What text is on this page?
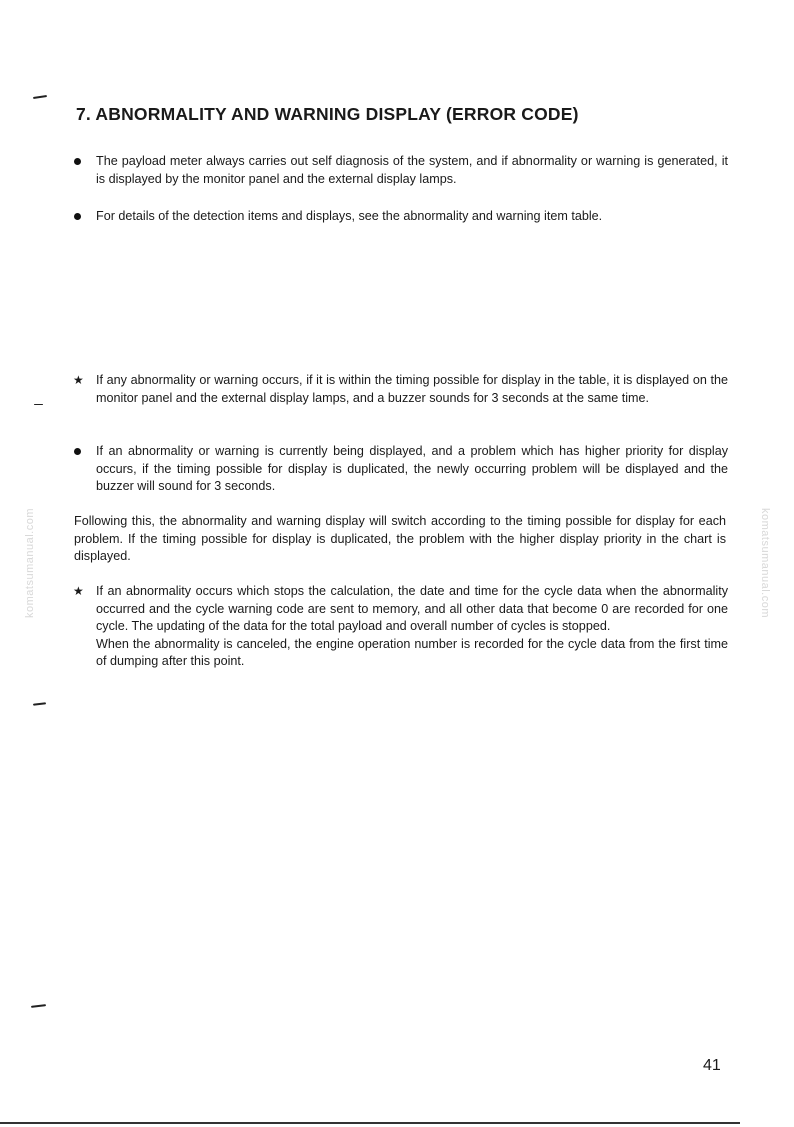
7. ABNORMALITY AND WARNING DISPLAY (ERROR CODE)
The payload meter always carries out self diagnosis of the system, and if abnormality or warning is generated, it is displayed by the monitor panel and the external display lamps.
For details of the detection items and displays, see the abnormality and warning item table.
★ If any abnormality or warning occurs, if it is within the timing possible for display in the table, it is displayed on the monitor panel and the external display lamps, and a buzzer sounds for 3 seconds at the same time.
If an abnormality or warning is currently being displayed, and a problem which has higher priority for display occurs, if the timing possible for display is duplicated, the newly occurring problem will be displayed and the buzzer will sound for 3 seconds.

Following this, the abnormality and warning display will switch according to the timing possible for display for each problem. If the timing possible for display is duplicated, the problem with the higher display priority in the chart is displayed.

★ If an abnormality occurs which stops the calculation, the date and time for the cycle data when the abnormality occurred and the cycle warning code are sent to memory, and all other data that become 0 are recorded for one cycle. The updating of the data for the total payload and overall number of cycles is stopped.

When the abnormality is canceled, the engine operation number is recorded for the cycle data from the first time of dumping after this point.

komatsumanual.com	komatsumanual.com
41
